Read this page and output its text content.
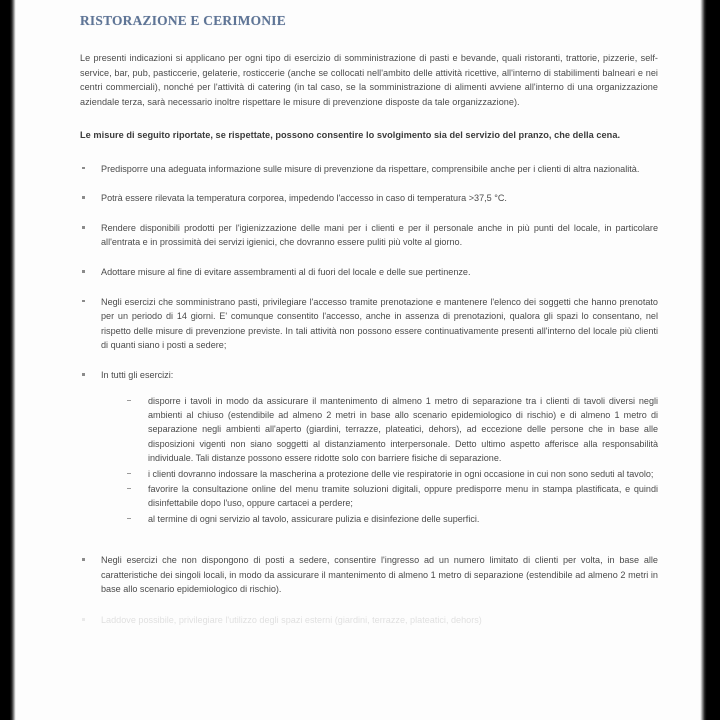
RISTORAZIONE E CERIMONIE

Le presenti indicazioni si applicano per ogni tipo di esercizio di somministrazione di pasti e bevande, quali ristoranti, trattorie, pizzerie, self-service, bar, pub, pasticcerie, gelaterie, rosticcerie (anche se collocati nell'ambito delle attività ricettive, all'interno di stabilimenti balneari e nei centri commerciali), nonché per l'attività di catering (in tal caso, se la somministrazione di alimenti avviene all'interno di una organizzazione aziendale terza, sarà necessario inoltre rispettare le misure di prevenzione disposte da tale organizzazione).

Le misure di seguito riportate, se rispettate, possono consentire lo svolgimento sia del servizio del pranzo, che della cena.

Predisporre una adeguata informazione sulle misure di prevenzione da rispettare, comprensibile anche per i clienti di altra nazionalità.
Potrà essere rilevata la temperatura corporea, impedendo l'accesso in caso di temperatura >37,5 °C.
Rendere disponibili prodotti per l'igienizzazione delle mani per i clienti e per il personale anche in più punti del locale, in particolare all'entrata e in prossimità dei servizi igienici, che dovranno essere puliti più volte al giorno.
Adottare misure al fine di evitare assembramenti al di fuori del locale e delle sue pertinenze.
Negli esercizi che somministrano pasti, privilegiare l'accesso tramite prenotazione e mantenere l'elenco dei soggetti che hanno prenotato per un periodo di 14 giorni. E' comunque consentito l'accesso, anche in assenza di prenotazioni, qualora gli spazi lo consentano, nel rispetto delle misure di prevenzione previste. In tali attività non possono essere continuativamente presenti all'interno del locale più clienti di quanti siano i posti a sedere;
In tutti gli esercizi:
disporre i tavoli in modo da assicurare il mantenimento di almeno 1 metro di separazione tra i clienti di tavoli diversi negli ambienti al chiuso (estendibile ad almeno 2 metri in base allo scenario epidemiologico di rischio) e di almeno 1 metro di separazione negli ambienti all'aperto (giardini, terrazze, plateatici, dehors), ad eccezione delle persone che in base alle disposizioni vigenti non siano soggetti al distanziamento interpersonale. Detto ultimo aspetto afferisce alla responsabilità individuale. Tali distanze possono essere ridotte solo con barriere fisiche di separazione.
i clienti dovranno indossare la mascherina a protezione delle vie respiratorie in ogni occasione in cui non sono seduti al tavolo;
favorire la consultazione online del menu tramite soluzioni digitali, oppure predisporre menu in stampa plastificata, e quindi disinfettabile dopo l'uso, oppure cartacei a perdere;
al termine di ogni servizio al tavolo, assicurare pulizia e disinfezione delle superfici.
Negli esercizi che non dispongono di posti a sedere, consentire l'ingresso ad un numero limitato di clienti per volta, in base alle caratteristiche dei singoli locali, in modo da assicurare il mantenimento di almeno 1 metro di separazione (estendibile ad almeno 2 metri in base allo scenario epidemiologico di rischio).
Laddove possibile, privilegiare l'utilizzo degli spazi esterni (giardini, terrazze, plateatici, dehors)
